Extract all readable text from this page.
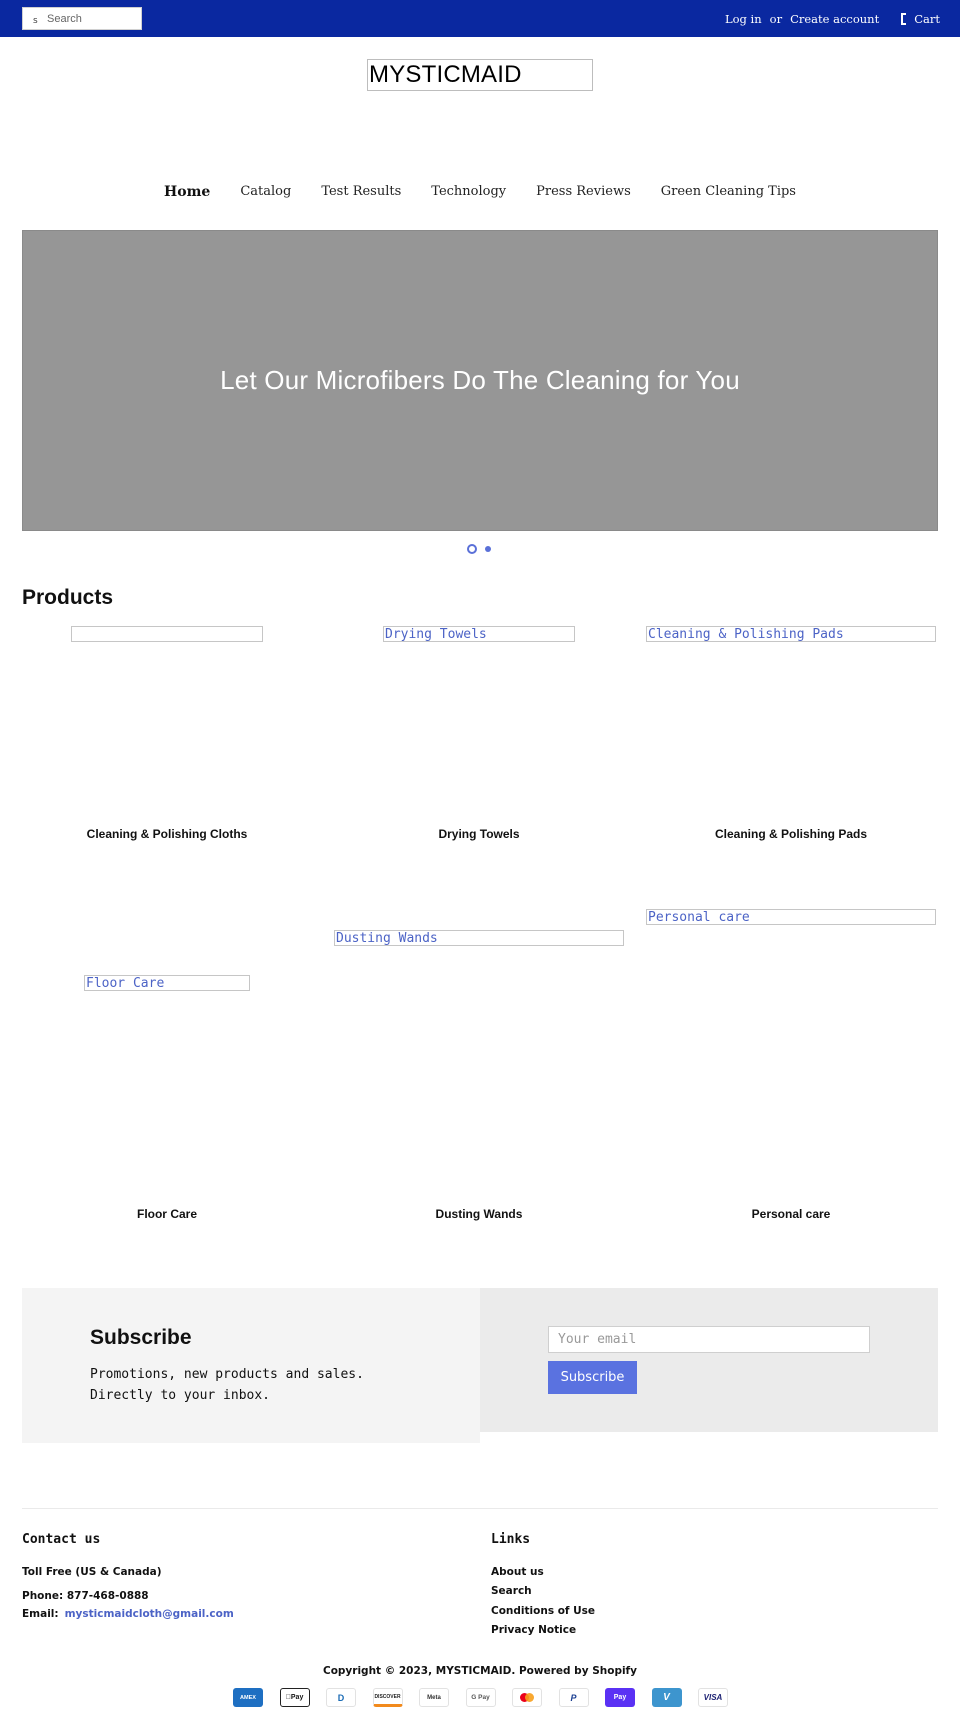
s
Search	Log in or Create account	Cart
MYSTICMAID
Home Catalog Test Results Technology Press Reviews Green Cleaning Tips
Let Our Microfibers Do The Cleaning for You
Products
Drying Towels	Cleaning & Polishing Pads
Cleaning & Polishing Cloths	Drying Towels	Cleaning & Polishing Pads
Personal care
Dusting Wands
Floor Care
Floor Care	Dusting Wands	Personal care
Subscribe
Promotions, new products and sales.
Directly to your inbox.
Your email
Subscribe
Contact us
Toll Free (US & Canada)
Phone: 877-468-0888
Email: mysticmaidcloth@gmail.com
Links
About us
Search
Conditions of Use
Privacy Notice
Copyright © 2023, MYSTICMAID. Powered by Shopify
AMEX	Pay	D	DISCOVER	Meta	G Pay	P	Pay	V	VISA
